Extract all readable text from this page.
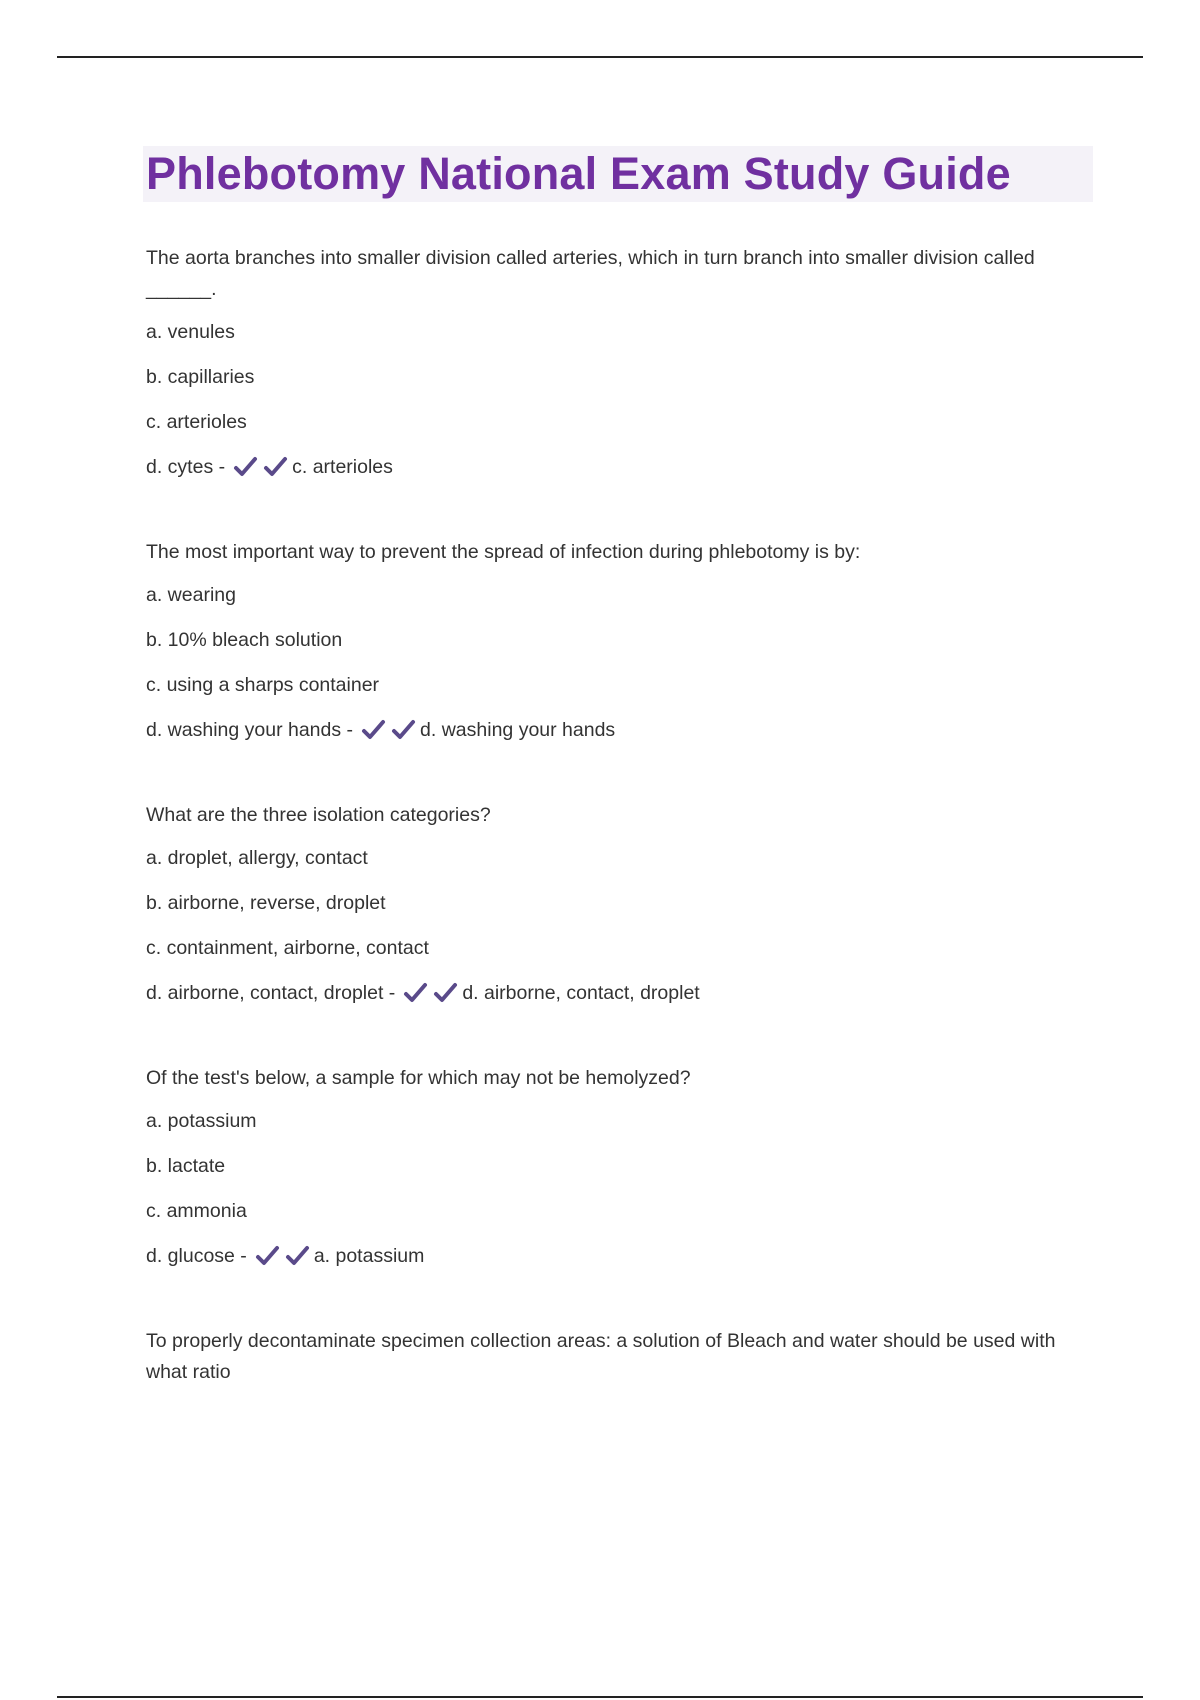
Phlebotomy National Exam Study Guide

The aorta branches into smaller division called arteries, which in turn branch into smaller division called
______.

a. venules
b. capillaries
c. arterioles
d. cytes -	c. arterioles

The most important way to prevent the spread of infection during phlebotomy is by:

a. wearing
b. 10% bleach solution
c. using a sharps container
d. washing your hands -	d. washing your hands

What are the three isolation categories?

a. droplet, allergy, contact
b. airborne, reverse, droplet
c. containment, airborne, contact
d. airborne, contact, droplet -	d. airborne, contact, droplet

Of the test's below, a sample for which may not be hemolyzed?

a. potassium
b. lactate
c. ammonia
d. glucose -	a. potassium

To properly decontaminate specimen collection areas: a solution of Bleach and water should be used with what ratio
